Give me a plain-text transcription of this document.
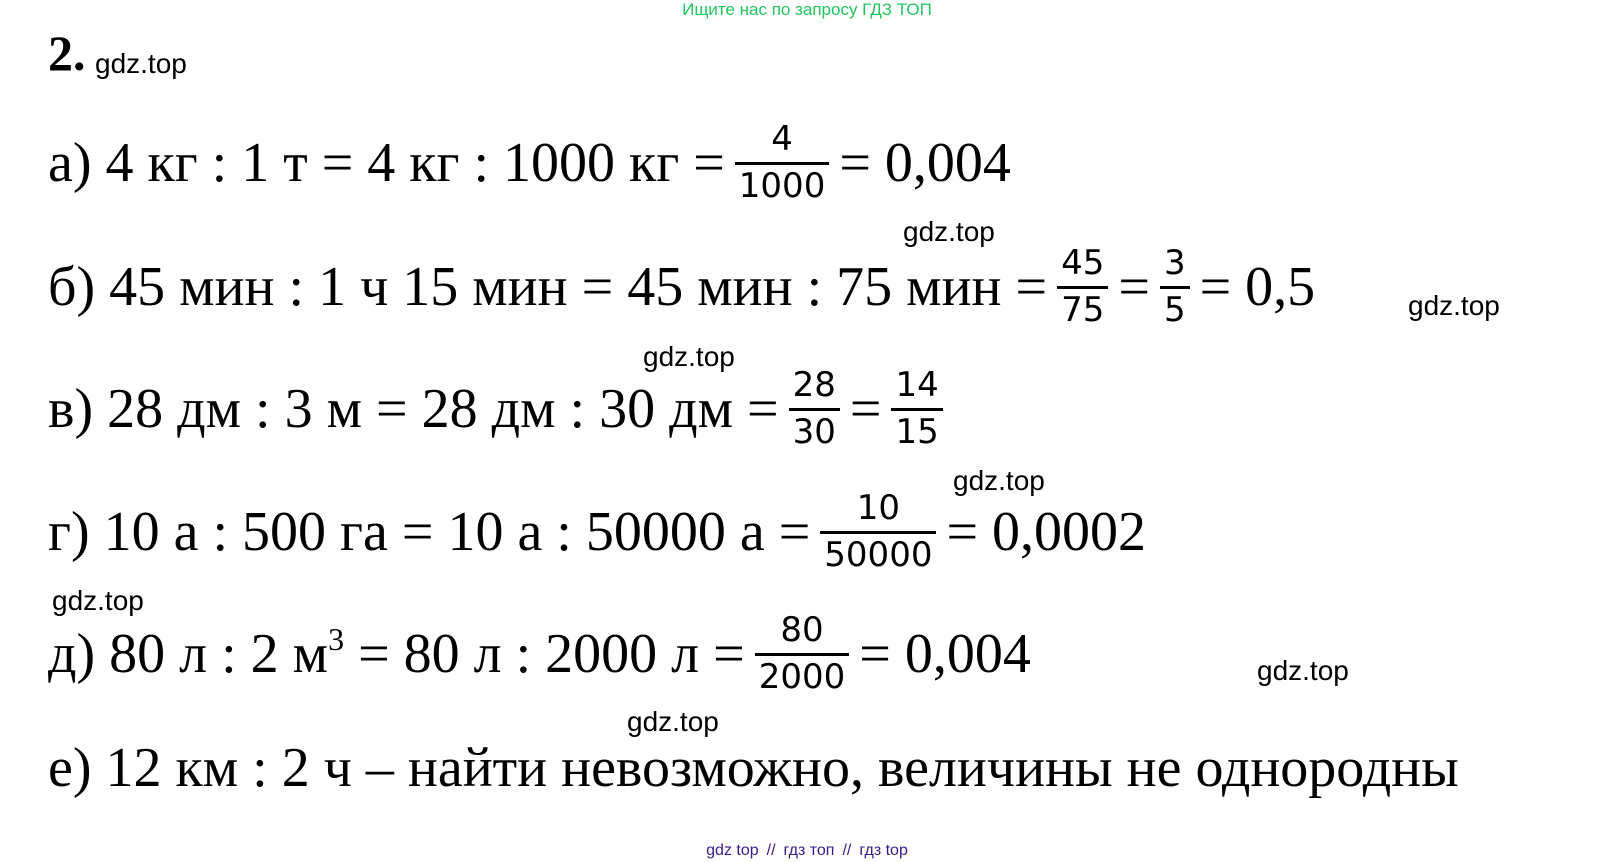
Ищите нас по запросу ГДЗ ТОП
2. gdz.top
а) 4 кг : 1 т = 4 кг : 1000 кг = $\frac{4}{1000} = 0,004$
gdz.top
б) 45 мин : 1 ч 15 мин = 45 мин : 75 мин = $\frac{45}{75} = \frac{3}{5} = 0,5$	gdz.top
gdz.top
в) 28 дм : 3 м = 28 дм : 30 дм = $\frac{28}{30} = \frac{14}{15}$
gdz.top
г) 10 а : 500 га = 10 а : 50000 $а = \frac{10}{50000} = 0,0002$
gdz.top
д) 80 л : 2 $м^3 = 80$ л : 2000 $л = \frac{80}{2000} = 0,004$	gdz.top
gdz.top
е) 12 км : 2 ч – найти невозможно, величины не однородны
gdz top // гдз топ // гдз top
